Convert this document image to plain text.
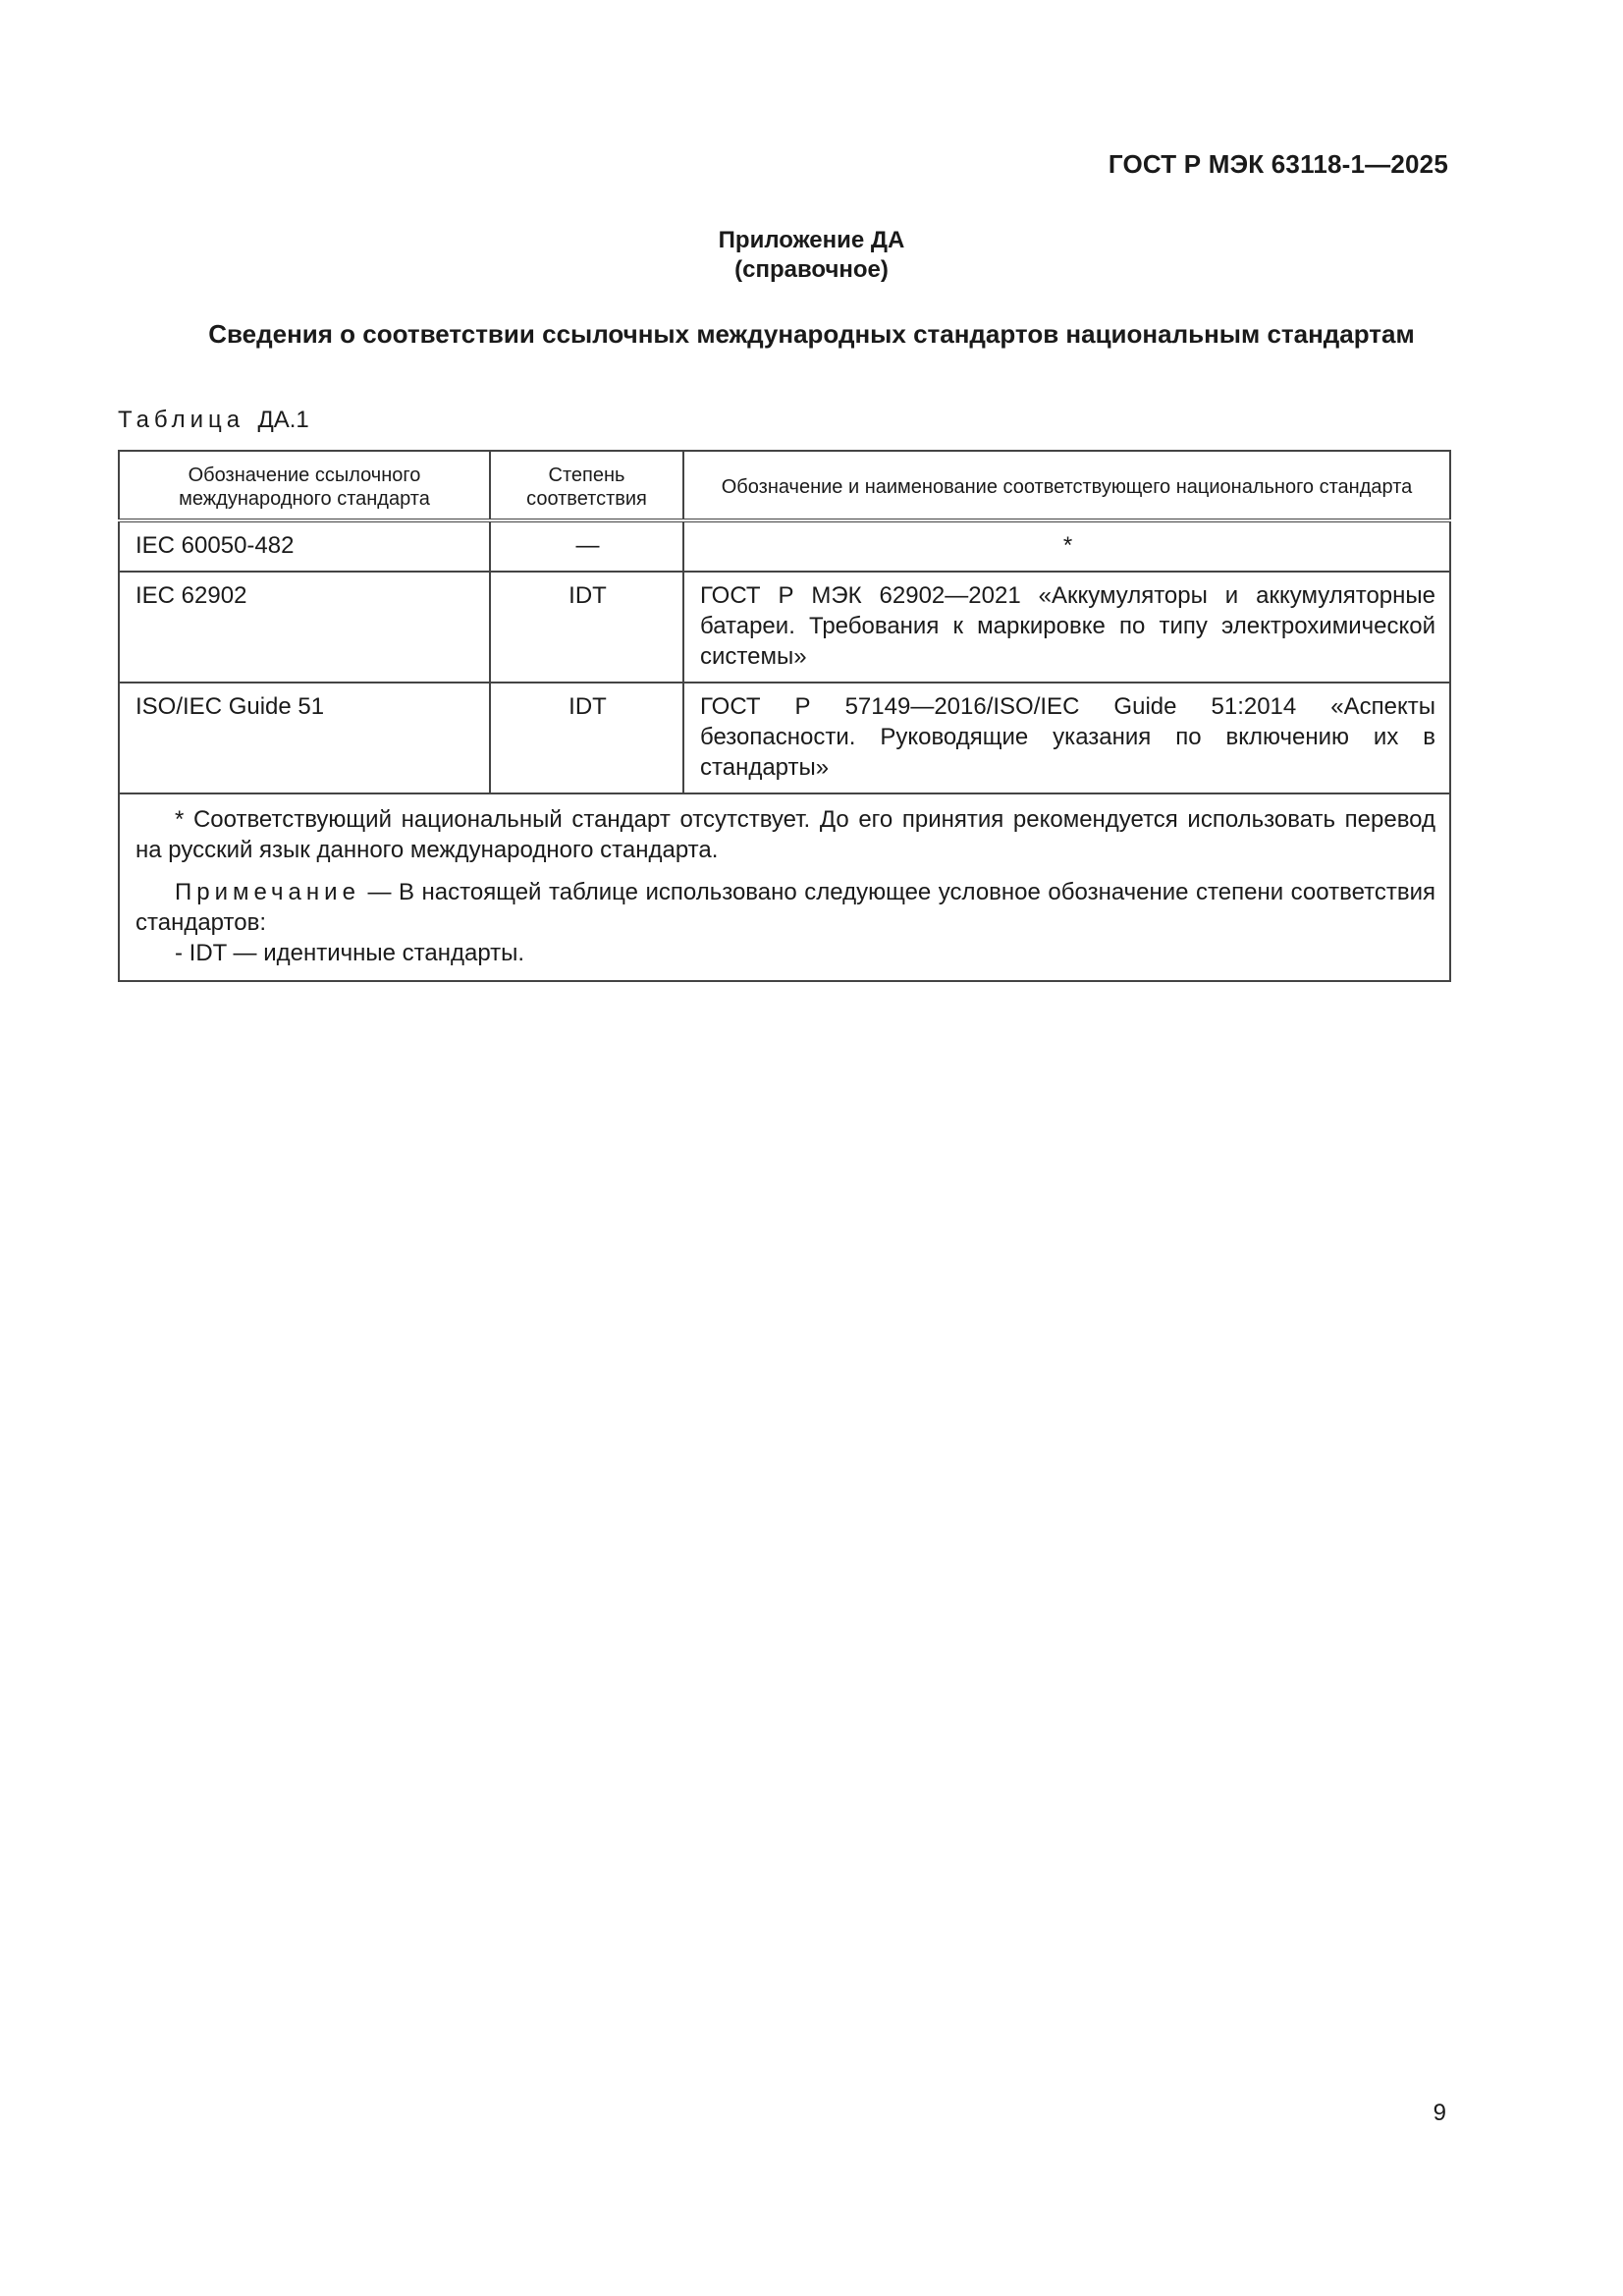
ГОСТ Р МЭК 63118-1—2025
Приложение ДА
(справочное)
Сведения о соответствии ссылочных международных стандартов национальным стандартам
Таблица ДА.1
Обозначение ссылочного международного стандарта	Степень соответствия	Обозначение и наименование соответствующего национального стандарта
IEC 60050-482	—	*
IEC 62902	IDT	ГОСТ Р МЭК 62902—2021 «Аккумуляторы и аккумуляторные батареи. Требования к маркировке по типу электрохимической системы»
ISO/IEC Guide 51	IDT	ГОСТ Р 57149—2016/ISO/IEC Guide 51:2014 «Аспекты безопасности. Руководящие указания по включению их в стандарты»

* Соответствующий национальный стандарт отсутствует. До его принятия рекомендуется использовать перевод на русский язык данного международного стандарта.

Примечание — В настоящей таблице использовано следующее условное обозначение степени соответствия стандартов:

- IDT — идентичные стандарты.		

9
